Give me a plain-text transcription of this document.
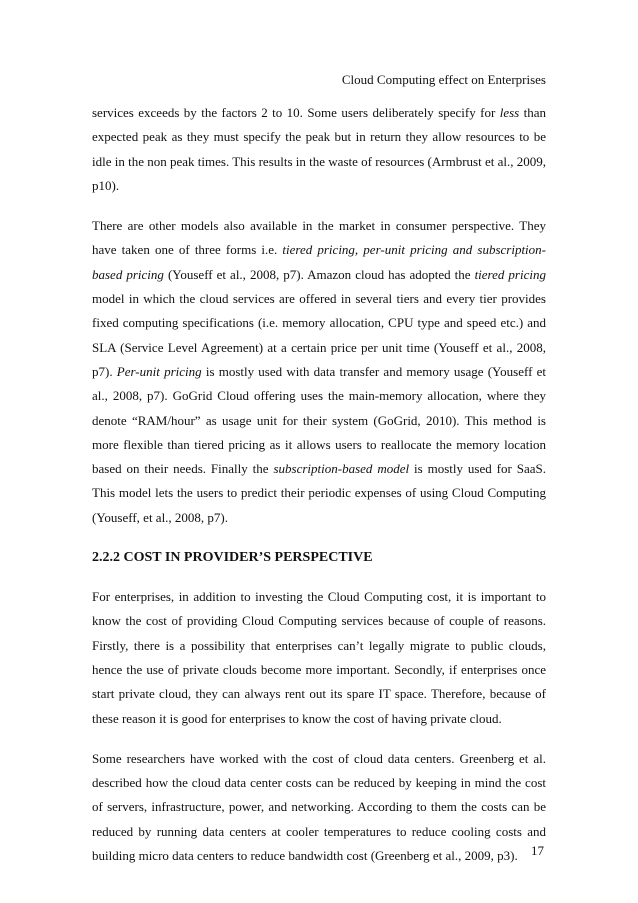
Cloud Computing effect on Enterprises

services exceeds by the factors 2 to 10. Some users deliberately specify for less than expected peak as they must specify the peak but in return they allow resources to be idle in the non peak times. This results in the waste of resources (Armbrust et al., 2009, p10).

There are other models also available in the market in consumer perspective. They have taken one of three forms i.e. tiered pricing, per-unit pricing and subscription-based pricing (Youseff et al., 2008, p7). Amazon cloud has adopted the tiered pricing model in which the cloud services are offered in several tiers and every tier provides fixed computing specifications (i.e. memory allocation, CPU type and speed etc.) and SLA (Service Level Agreement) at a certain price per unit time (Youseff et al., 2008, p7). Per-unit pricing is mostly used with data transfer and memory usage (Youseff et al., 2008, p7). GoGrid Cloud offering uses the main-memory allocation, where they denote “RAM/hour” as usage unit for their system (GoGrid, 2010). This method is more flexible than tiered pricing as it allows users to reallocate the memory location based on their needs. Finally the subscription-based model is mostly used for SaaS. This model lets the users to predict their periodic expenses of using Cloud Computing (Youseff, et al., 2008, p7).

2.2.2 COST IN PROVIDER’S PERSPECTIVE

For enterprises, in addition to investing the Cloud Computing cost, it is important to know the cost of providing Cloud Computing services because of couple of reasons. Firstly, there is a possibility that enterprises can’t legally migrate to public clouds, hence the use of private clouds become more important. Secondly, if enterprises once start private cloud, they can always rent out its spare IT space. Therefore, because of these reason it is good for enterprises to know the cost of having private cloud.

Some researchers have worked with the cost of cloud data centers. Greenberg et al. described how the cloud data center costs can be reduced by keeping in mind the cost of servers, infrastructure, power, and networking. According to them the costs can be reduced by running data centers at cooler temperatures to reduce cooling costs and building micro data centers to reduce bandwidth cost (Greenberg et al., 2009, p3).	17
